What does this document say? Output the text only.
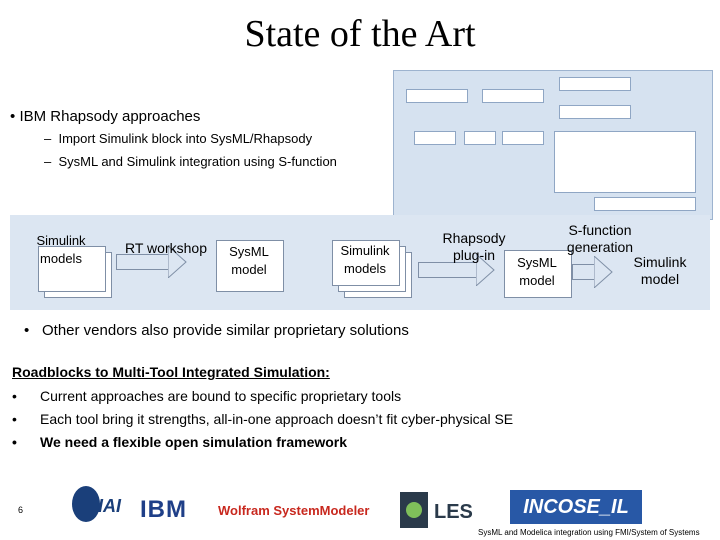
State of the Art
• IBM Rhapsody approaches
–  Import Simulink block into SysML/Rhapsody
–  SysML and Simulink integration using S-function
Simulink
models
RT workshop	SysML
model
Simulink
models
Rhapsody
plug-in	SysML
model
S-function
generation
Simulink
model
• Other vendors also provide similar proprietary solutions
Roadblocks to Multi-Tool Integrated Simulation:
• Current approaches are bound to specific proprietary tools
• Each tool bring it strengths, all-in-one approach doesn’t fit cyber-physical SE
• We need a flexible open simulation framework
IAI IBM Wolfram SystemModeler	LES	INCOSE_IL
6
SysML and Modelica integration using FMI/System of Systems
